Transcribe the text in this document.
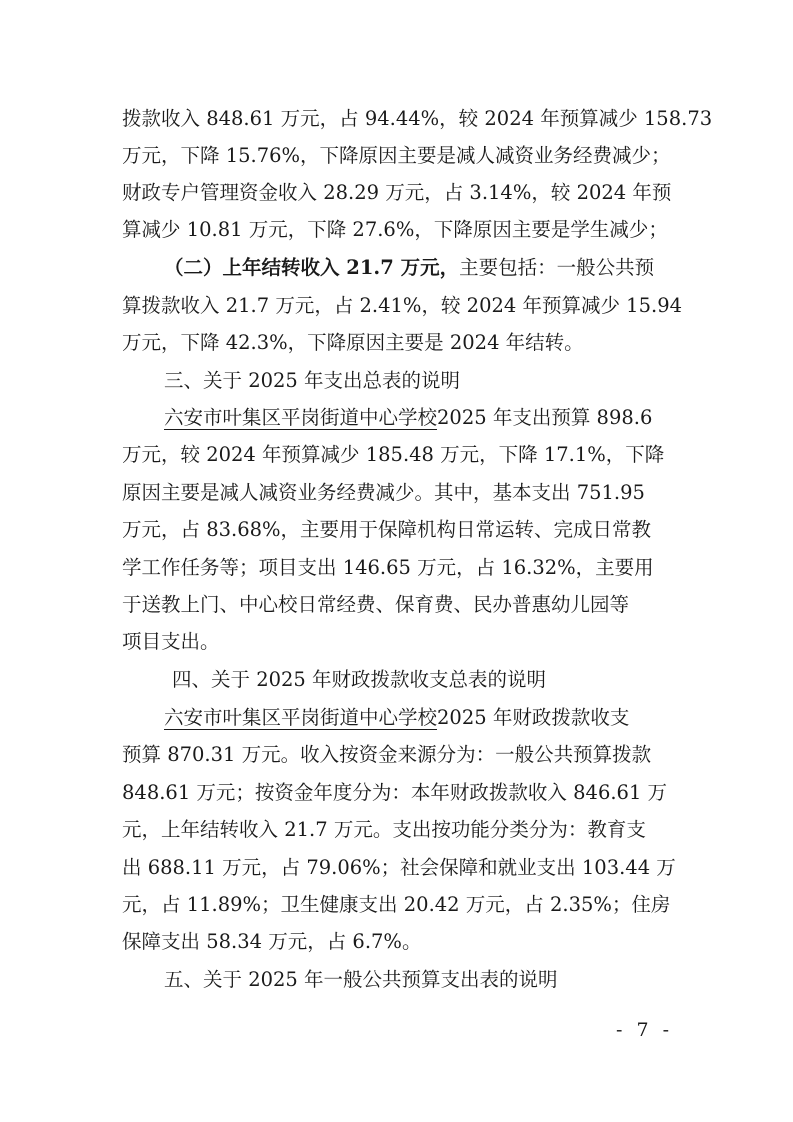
拨款收入 848.61 万元，占 94.44%，较 2024 年预算减少 158.73

万元，下降 15.76%，下降原因主要是减人减资业务经费减少；

财政专户管理资金收入 28.29 万元，占 3.14%，较 2024 年预

算减少 10.81 万元，下降 27.6%，下降原因主要是学生减少；

（二）上年结转收入 21.7 万元，主要包括：一般公共预

算拨款收入 21.7 万元，占 2.41%，较 2024 年预算减少 15.94

万元，下降 42.3%，下降原因主要是 2024 年结转。

三、关于 2025 年支出总表的说明

六安市叶集区平岗街道中心学校2025 年支出预算 898.6

万元，较 2024 年预算减少 185.48 万元，下降 17.1%，下降

原因主要是减人减资业务经费减少。其中，基本支出 751.95

万元，占 83.68%，主要用于保障机构日常运转、完成日常教

学工作任务等；项目支出 146.65 万元，占 16.32%，主要用

于送教上门、中心校日常经费、保育费、民办普惠幼儿园等

项目支出。

四、关于 2025 年财政拨款收支总表的说明

六安市叶集区平岗街道中心学校2025 年财政拨款收支

预算 870.31 万元。收入按资金来源分为：一般公共预算拨款

848.61 万元；按资金年度分为：本年财政拨款收入 846.61 万

元，上年结转收入 21.7 万元。支出按功能分类分为：教育支

出 688.11 万元，占 79.06%；社会保障和就业支出 103.44 万

元，占 11.89%；卫生健康支出 20.42 万元，占 2.35%；住房

保障支出 58.34 万元，占 6.7%。

五、关于 2025 年一般公共预算支出表的说明

- 7 -
